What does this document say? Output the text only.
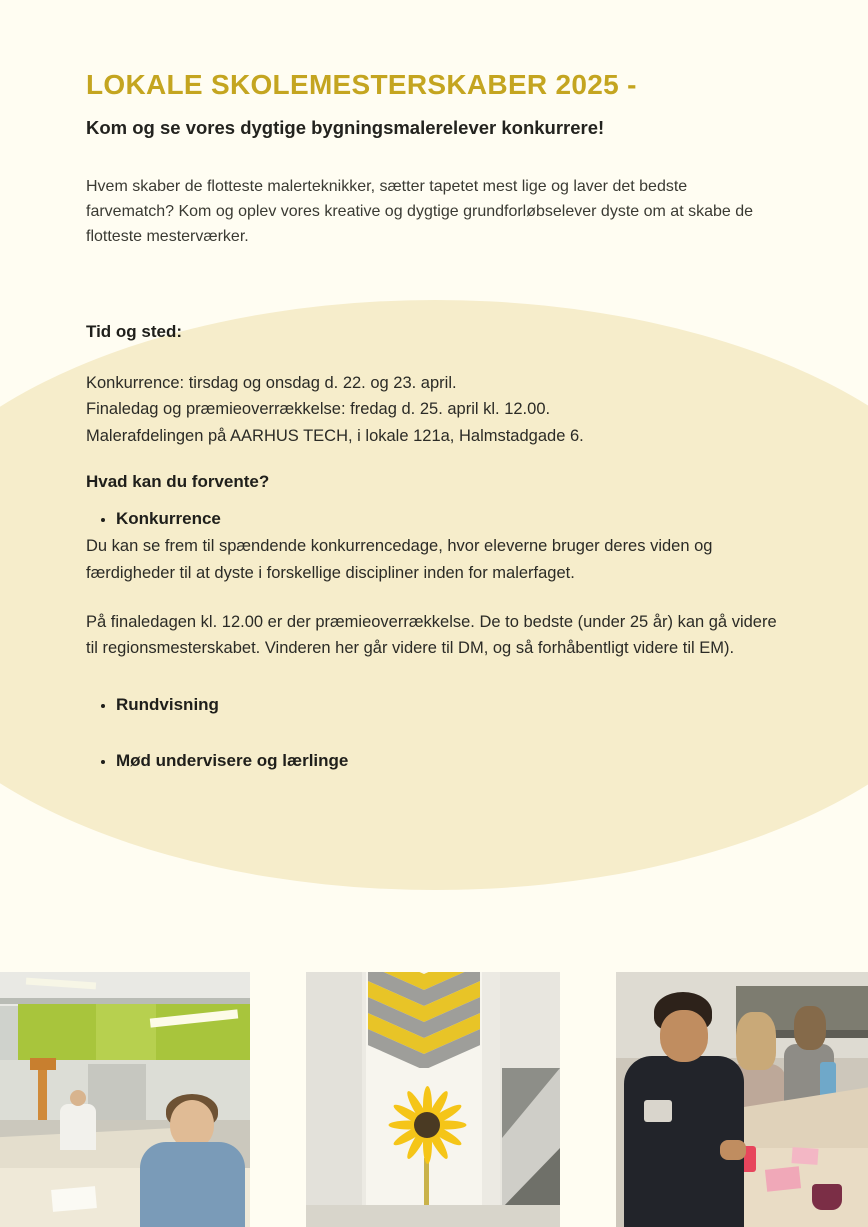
LOKALE SKOLEMESTERSKABER 2025 -

Kom og se vores dygtige bygningsmalerelever konkurrere!

Hvem skaber de flotteste malerteknikker, sætter tapetet mest lige og laver det bedste farvematch? Kom og oplev vores kreative og dygtige grundforløbselever dyste om at skabe de flotteste mesterværker.

Tid og sted:

Konkurrence: tirsdag og onsdag d. 22. og 23. april.

Finaledag og præmieoverrækkelse: fredag d. 25. april kl. 12.00.

Malerafdelingen på AARHUS TECH, i lokale 121a, Halmstadgade 6.

Hvad kan du forvente?

• Konkurrence

Du kan se frem til spændende konkurrencedage, hvor eleverne bruger deres viden og færdigheder til at dyste i forskellige discipliner inden for malerfaget.

På finaledagen kl. 12.00 er der præmieoverrækkelse. De to bedste (under 25 år) kan gå videre til regionsmesterskabet. Vinderen her går videre til DM, og så forhåbentligt videre til EM).

• Rundvisning
• Mød undervisere og lærlinge
